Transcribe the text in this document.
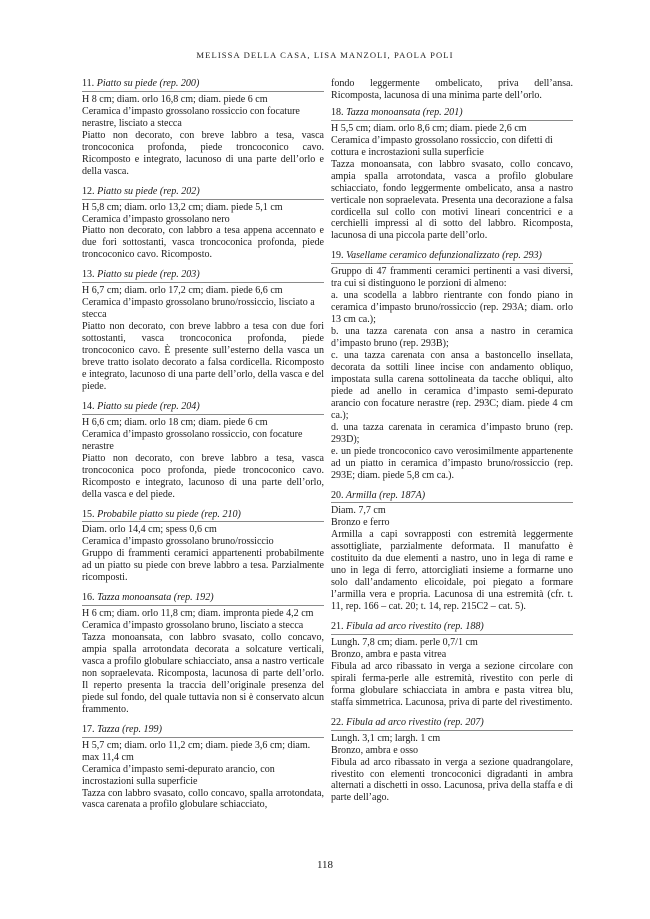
MELISSA DELLA CASA, LISA MANZOLI, PAOLA POLI
11. Piatto su piede (rep. 200)

H 8 cm; diam. orlo 16,8 cm; diam. piede 6 cm

Ceramica d’impasto grossolano rossiccio con focature nerastre, lisciato a stecca

Piatto non decorato, con breve labbro a tesa, vasca troncoconica profonda, piede troncoconico cavo. Ricomposto e integrato, lacunoso di una parte dell’orlo e della vasca.

12. Piatto su piede (rep. 202)

H 5,8 cm; diam. orlo 13,2 cm; diam. piede 5,1 cm

Ceramica d’impasto grossolano nero

Piatto non decorato, con labbro a tesa appena accennato e due fori sottostanti, vasca troncoconica profonda, piede troncoconico cavo. Ricomposto.

13. Piatto su piede (rep. 203)

H 6,7 cm; diam. orlo 17,2 cm; diam. piede 6,6 cm

Ceramica d’impasto grossolano bruno/rossiccio, lisciato a stecca

Piatto non decorato, con breve labbro a tesa con due fori sottostanti, vasca troncoconica profonda, piede troncoconico cavo. È presente sull’esterno della vasca un breve tratto isolato decorato a falsa cordicella. Ricomposto e integrato, lacunoso di una parte dell’orlo, della vasca e del piede.

14. Piatto su piede (rep. 204)

H 6,6 cm; diam. orlo 18 cm; diam. piede 6 cm

Ceramica d’impasto grossolano rossiccio, con focature nerastre

Piatto non decorato, con breve labbro a tesa, vasca troncoconica poco profonda, piede troncoconico cavo. Ricomposto e integrato, lacunoso di una parte dell’orlo, della vasca e del piede.

15. Probabile piatto su piede (rep. 210)

Diam. orlo 14,4 cm; spess 0,6 cm

Ceramica d’impasto grossolano bruno/rossiccio

Gruppo di frammenti ceramici appartenenti probabilmente ad un piatto su piede con breve labbro a tesa. Parzialmente ricomposti.

16. Tazza monoansata (rep. 192)

H 6 cm; diam. orlo 11,8 cm; diam. impronta piede 4,2 cm

Ceramica d’impasto grossolano bruno, lisciato a stecca

Tazza monoansata, con labbro svasato, collo concavo, ampia spalla arrotondata decorata a solcature verticali, vasca a profilo globulare schiacciato, ansa a nastro verticale non sopraelevata. Ricomposta, lacunosa di parte dell’orlo. Il reperto presenta la traccia dell’originale presenza del piede sul fondo, del quale tuttavia non si è conservato alcun frammento.

17. Tazza (rep. 199)

H 5,7 cm; diam. orlo 11,2 cm; diam. piede 3,6 cm; diam. max 11,4 cm

Ceramica d’impasto semi-depurato arancio, con incrostazioni sulla superficie

Tazza con labbro svasato, collo concavo, spalla arrotondata, vasca carenata a profilo globulare schiacciato,

fondo leggermente ombelicato, priva dell’ansa. Ricomposta, lacunosa di una minima parte dell’orlo.

18. Tazza monoansata (rep. 201)

H 5,5 cm; diam. orlo 8,6 cm; diam. piede 2,6 cm

Ceramica d’impasto grossolano rossiccio, con difetti di cottura e incrostazioni sulla superficie

Tazza monoansata, con labbro svasato, collo concavo, ampia spalla arrotondata, vasca a profilo globulare schiacciato, fondo leggermente ombelicato, ansa a nastro verticale non sopraelevata. Presenta una decorazione a falsa cordicella sul collo con motivi lineari concentrici e a cerchielli impressi al di sotto del labbro. Ricomposta, lacunosa di una piccola parte dell’orlo.

19. Vasellame ceramico defunzionalizzato (rep. 293)

Gruppo di 47 frammenti ceramici pertinenti a vasi diversi, tra cui si distinguono le porzioni di almeno:

a. una scodella a labbro rientrante con fondo piano in ceramica d’impasto bruno/rossiccio (rep. 293A; diam. orlo 13 cm ca.);

b. una tazza carenata con ansa a nastro in ceramica d’impasto bruno (rep. 293B);

c. una tazza carenata con ansa a bastoncello insellata, decorata da sottili linee incise con andamento obliquo, impostata sulla carena sottolineata da tacche obliqui, alto piede ad anello in ceramica d’impasto semi-depurato arancio con focature nerastre (rep. 293C; diam. piede 4 cm ca.);

d. una tazza carenata in ceramica d’impasto bruno (rep. 293D);

e. un piede troncoconico cavo verosimilmente appartenente ad un piatto in ceramica d’impasto bruno/rossiccio (rep. 293E; diam. piede 5,8 cm ca.).

20. Armilla (rep. 187A)

Diam. 7,7 cm

Bronzo e ferro

Armilla a capi sovrapposti con estremità leggermente assottigliate, parzialmente deformata. Il manufatto è costituito da due elementi a nastro, uno in lega di rame e uno in lega di ferro, attorcigliati insieme a formarne uno solo dall’andamento elicoidale, poi piegato a formare l’armilla vera e propria. Lacunosa di una estremità (cfr. t. 11, rep. 166 – cat. 20; t. 14, rep. 215C2 – cat. 5).

21. Fibula ad arco rivestito (rep. 188)

Lungh. 7,8 cm; diam. perle 0,7/1 cm

Bronzo, ambra e pasta vitrea

Fibula ad arco ribassato in verga a sezione circolare con spirali ferma-perle alle estremità, rivestito con perle di forma globulare schiacciata in ambra e pasta vitrea blu, staffa simmetrica. Lacunosa, priva di parte del rivestimento.

22. Fibula ad arco rivestito (rep. 207)

Lungh. 3,1 cm; largh. 1 cm

Bronzo, ambra e osso

Fibula ad arco ribassato in verga a sezione quadrangolare, rivestito con elementi troncoconici digradanti in ambra alternati a dischetti in osso. Lacunosa, priva della staffa e di parte dell’ago.

118
